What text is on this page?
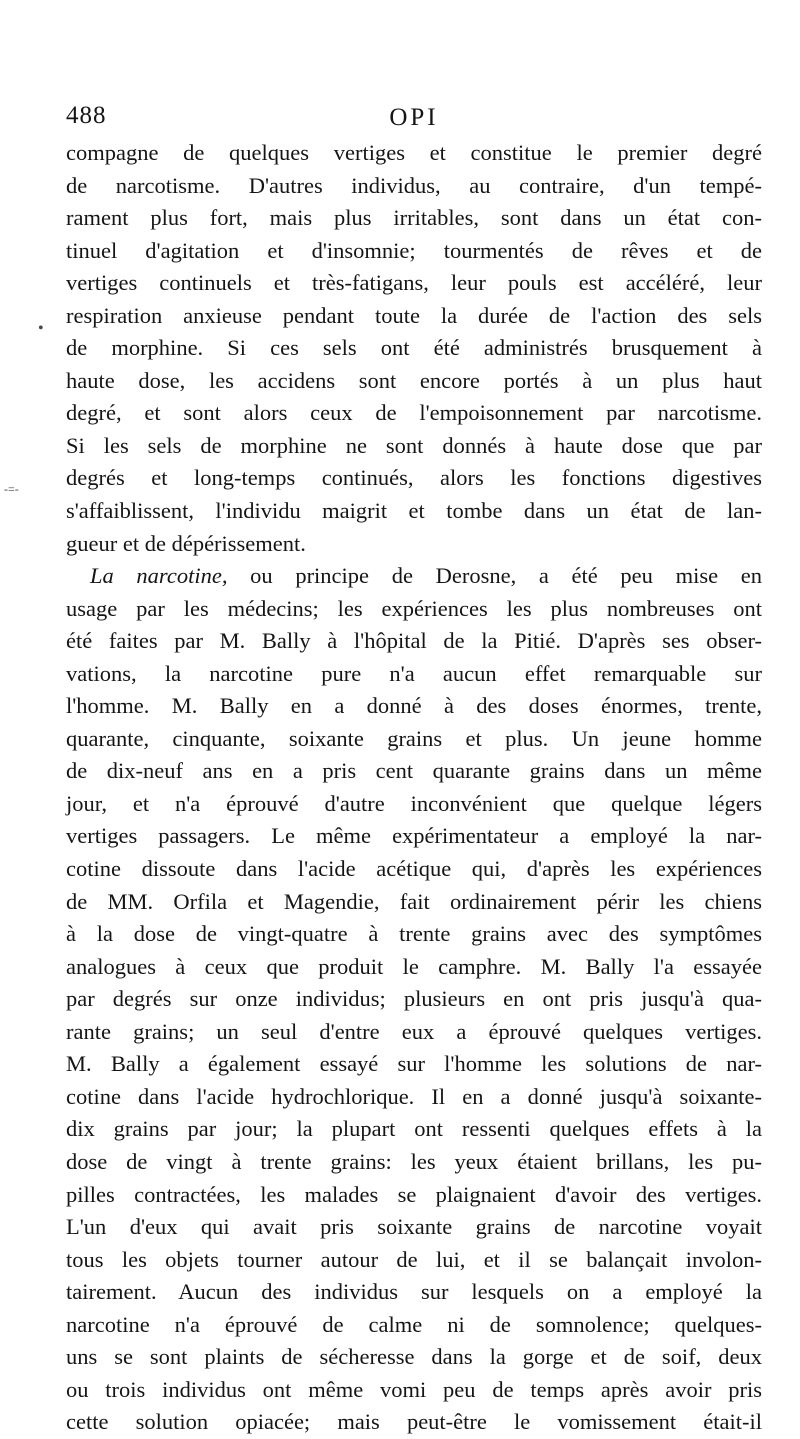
•
-=-
488	OPI
compagne de quelques vertiges et constitue le premier degré
de narcotisme. D'autres individus, au contraire, d'un tempé-
rament plus fort, mais plus irritables, sont dans un état con-
tinuel d'agitation et d'insomnie; tourmentés de rêves et de
vertiges continuels et très-fatigans, leur pouls est accéléré, leur
respiration anxieuse pendant toute la durée de l'action des sels
de morphine. Si ces sels ont été administrés brusquement à
haute dose, les accidens sont encore portés à un plus haut
degré, et sont alors ceux de l'empoisonnement par narcotisme.
Si les sels de morphine ne sont donnés à haute dose que par
degrés et long-temps continués, alors les fonctions digestives
s'affaiblissent, l'individu maigrit et tombe dans un état de lan-
gueur et de dépérissement.
La narcotine, ou principe de Derosne, a été peu mise en
usage par les médecins; les expériences les plus nombreuses ont
été faites par M. Bally à l'hôpital de la Pitié. D'après ses obser-
vations, la narcotine pure n'a aucun effet remarquable sur
l'homme. M. Bally en a donné à des doses énormes, trente,
quarante, cinquante, soixante grains et plus. Un jeune homme
de dix-neuf ans en a pris cent quarante grains dans un même
jour, et n'a éprouvé d'autre inconvénient que quelque légers
vertiges passagers. Le même expérimentateur a employé la nar-
cotine dissoute dans l'acide acétique qui, d'après les expériences
de MM. Orfila et Magendie, fait ordinairement périr les chiens
à la dose de vingt-quatre à trente grains avec des symptômes
analogues à ceux que produit le camphre. M. Bally l'a essayée
par degrés sur onze individus; plusieurs en ont pris jusqu'à qua-
rante grains; un seul d'entre eux a éprouvé quelques vertiges.
M. Bally a également essayé sur l'homme les solutions de nar-
cotine dans l'acide hydrochlorique. Il en a donné jusqu'à soixante-
dix grains par jour; la plupart ont ressenti quelques effets à la
dose de vingt à trente grains: les yeux étaient brillans, les pu-
pilles contractées, les malades se plaignaient d'avoir des vertiges.
L'un d'eux qui avait pris soixante grains de narcotine voyait
tous les objets tourner autour de lui, et il se balançait involon-
tairement. Aucun des individus sur lesquels on a employé la
narcotine n'a éprouvé de calme ni de somnolence; quelques-
uns se sont plaints de sécheresse dans la gorge et de soif, deux
ou trois individus ont même vomi peu de temps après avoir pris
cette solution opiacée; mais peut-être le vomissement était-il
